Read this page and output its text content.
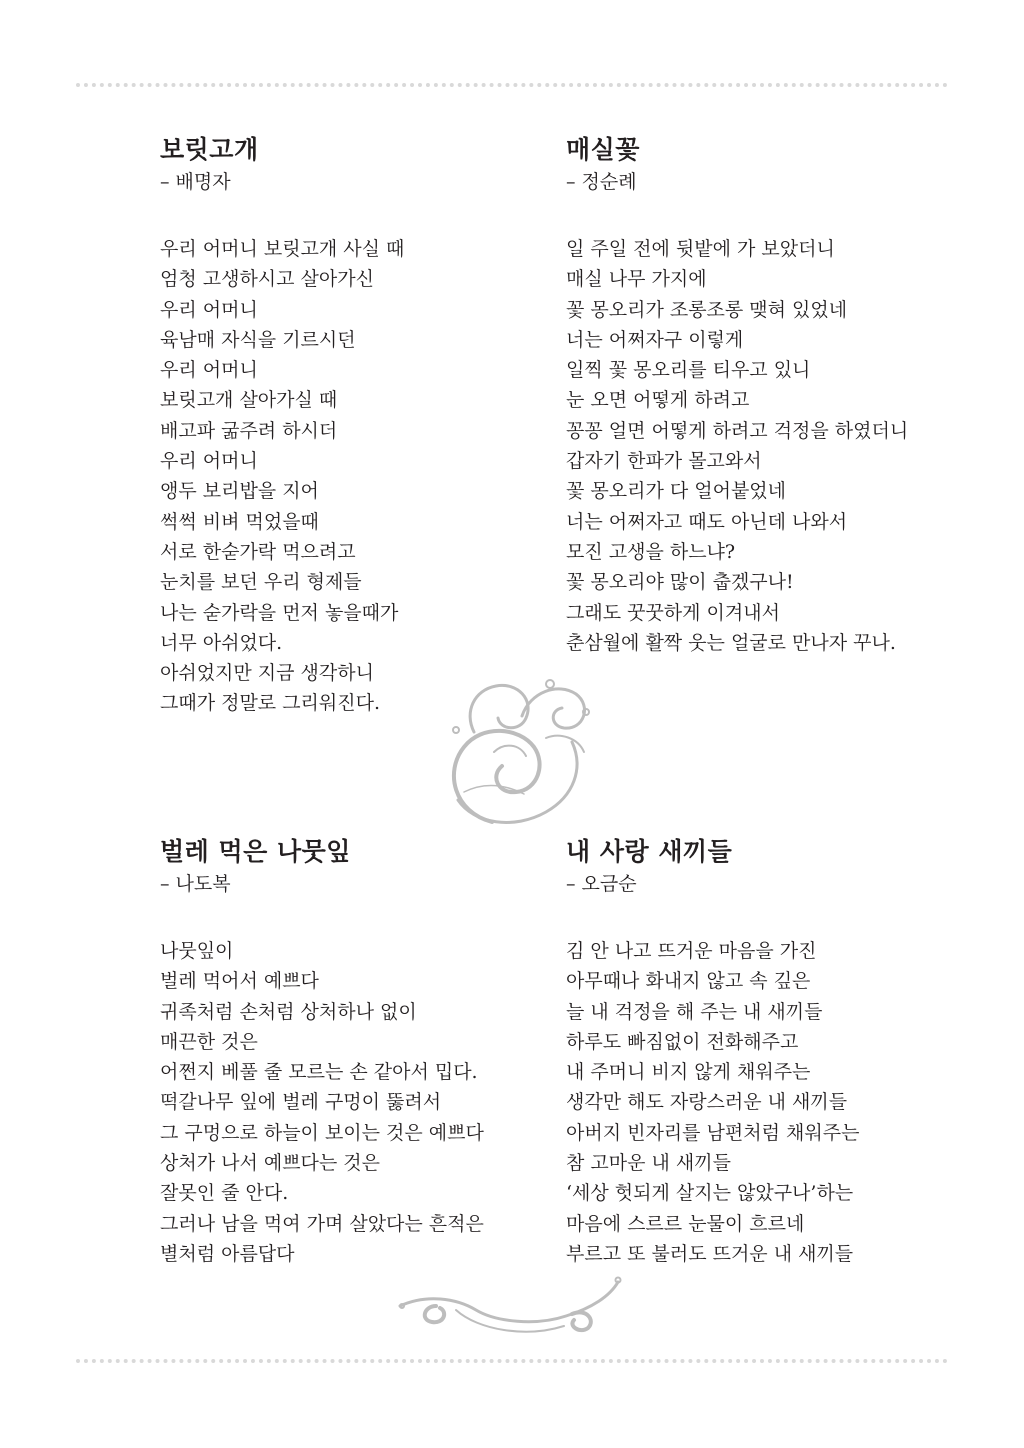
보릿고개

– 배명자

우리 어머니 보릿고개 사실 때
엄청 고생하시고 살아가신
우리 어머니
육남매 자식을 기르시던
우리 어머니
보릿고개 살아가실 때
배고파 굶주려 하시더
우리 어머니
앵두 보리밥을 지어
썩썩 비벼 먹었을때
서로 한숟가락 먹으려고
눈치를 보던 우리 형제들
나는 숟가락을 먼저 놓을때가
너무 아쉬었다.
아쉬었지만 지금 생각하니
그때가 정말로 그리워진다.
매실꽃

– 정순례

일 주일 전에 뒷밭에 가 보았더니
매실 나무 가지에
꽃 몽오리가 조롱조롱 맺혀 있었네
너는 어쩌자구 이렇게
일찍 꽃 몽오리를 티우고 있니
눈 오면 어떻게 하려고
꽁꽁 얼면 어떻게 하려고 걱정을 하였더니
갑자기 한파가 몰고와서
꽃 몽오리가 다 얼어붙었네
너는 어쩌자고 때도 아닌데 나와서
모진 고생을 하느냐?
꽃 몽오리야 많이 춥겠구나!
그래도 꿋꿋하게 이겨내서
춘삼월에 활짝 웃는 얼굴로 만나자 꾸나.
벌레 먹은 나뭇잎

– 나도복

나뭇잎이
벌레 먹어서 예쁘다
귀족처럼 손처럼 상처하나 없이
매끈한 것은
어쩐지 베풀 줄 모르는 손 같아서 밉다.
떡갈나무 잎에 벌레 구멍이 뚫려서
그 구멍으로 하늘이 보이는 것은 예쁘다
상처가 나서 예쁘다는 것은
잘못인 줄 안다.
그러나 남을 먹여 가며 살았다는 흔적은
별처럼 아름답다
내 사랑 새끼들

– 오금순

김 안 나고 뜨거운 마음을 가진
아무때나 화내지 않고 속 깊은
늘 내 걱정을 해 주는 내 새끼들
하루도 빠짐없이 전화해주고
내 주머니 비지 않게 채워주는
생각만 해도 자랑스러운 내 새끼들
아버지 빈자리를 남편처럼 채워주는
참 고마운 내 새끼들
‘세상 헛되게 살지는 않았구나’하는
마음에 스르르 눈물이 흐르네
부르고 또 불러도 뜨거운 내 새끼들
